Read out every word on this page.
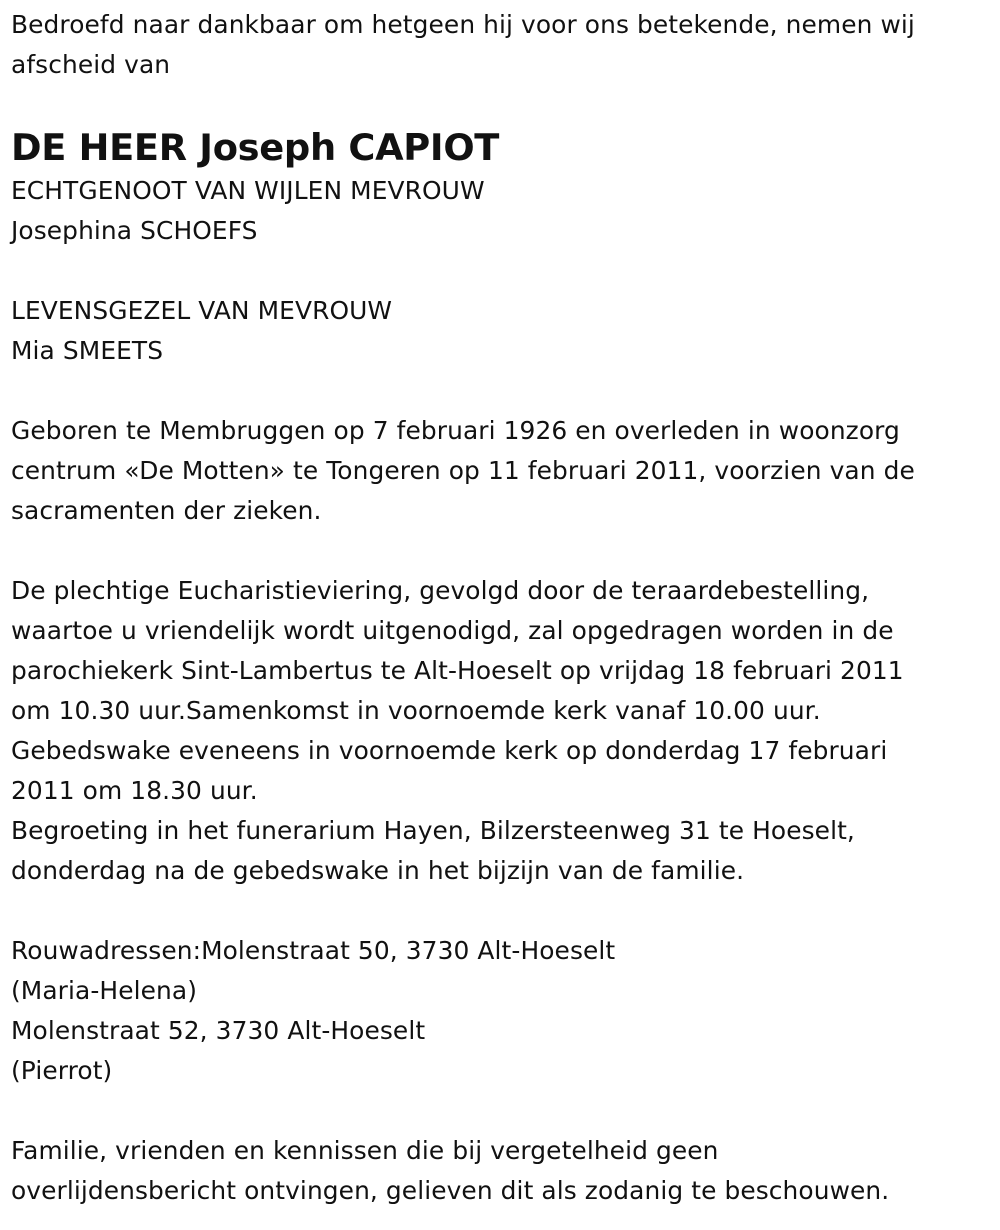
Bedroefd naar dankbaar om hetgeen hij voor ons betekende, nemen wij
afscheid van
DE HEER Joseph CAPIOT
ECHTGENOOT VAN WIJLEN MEVROUW
Josephina SCHOEFS
LEVENSGEZEL VAN MEVROUW
Mia SMEETS
Geboren te Membruggen op 7 februari 1926 en overleden in woonzorg
centrum «De Motten» te Tongeren op 11 februari 2011, voorzien van de
sacramenten der zieken.
De plechtige Eucharistieviering, gevolgd door de teraardebestelling,
waartoe u vriendelijk wordt uitgenodigd, zal opgedragen worden in de
parochiekerk Sint-Lambertus te Alt-Hoeselt op vrijdag 18 februari 2011
om 10.30 uur.Samenkomst in voornoemde kerk vanaf 10.00 uur.
Gebedswake eveneens in voornoemde kerk op donderdag 17 februari
2011 om 18.30 uur.
Begroeting in het funerarium Hayen, Bilzersteenweg 31 te Hoeselt,
donderdag na de gebedswake in het bijzijn van de familie.
Rouwadressen:Molenstraat 50, 3730 Alt-Hoeselt
(Maria-Helena)
Molenstraat 52, 3730 Alt-Hoeselt
(Pierrot)
Familie, vrienden en kennissen die bij vergetelheid geen
overlijdensbericht ontvingen, gelieven dit als zodanig te beschouwen.
